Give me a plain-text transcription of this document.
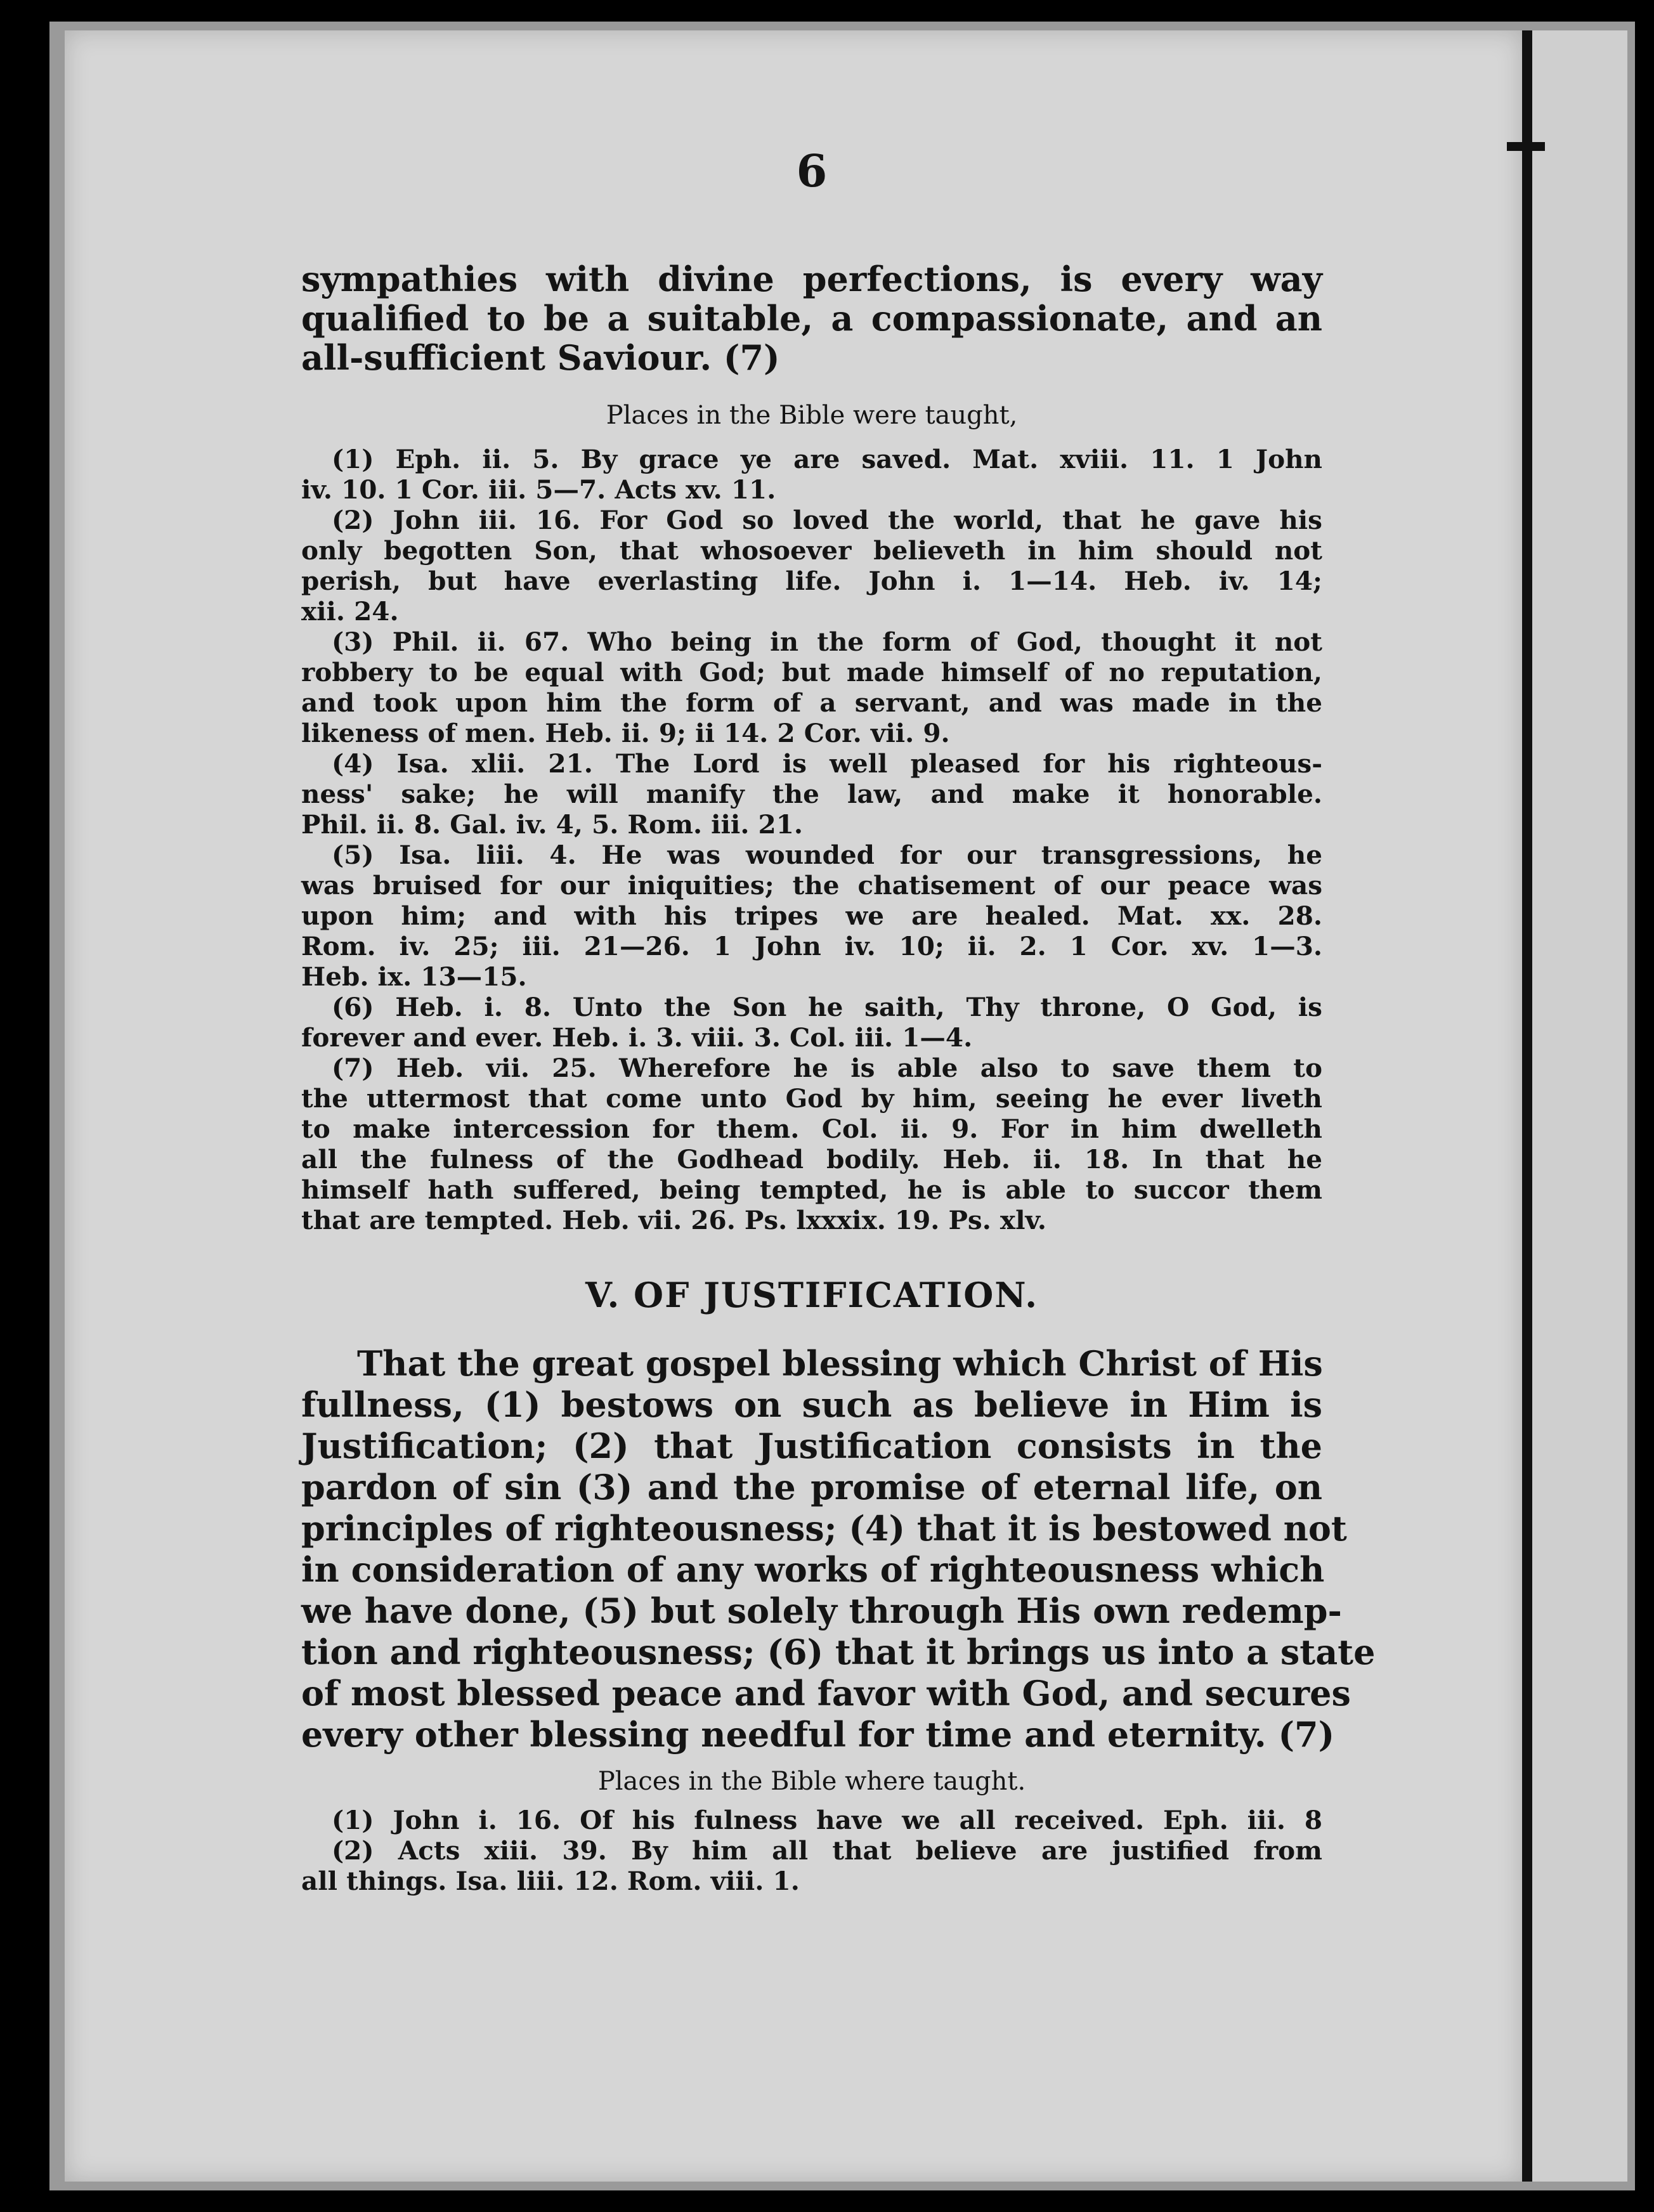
6
sympathies with divine perfections, is every way
qualified to be a suitable, a compassionate, and an
all-sufficient Saviour. (7)
Places in the Bible were taught,
(1) Eph. ii. 5. By grace ye are saved. Mat. xviii. 11. 1 John
iv. 10. 1 Cor. iii. 5—7. Acts xv. 11.
(2) John iii. 16. For God so loved the world, that he gave his
only begotten Son, that whosoever believeth in him should not
perish, but have everlasting life. John i. 1—14. Heb. iv. 14;
xii. 24.
(3) Phil. ii. 67. Who being in the form of God, thought it not
robbery to be equal with God; but made himself of no reputation,
and took upon him the form of a servant, and was made in the
likeness of men. Heb. ii. 9; ii 14. 2 Cor. vii. 9.
(4) Isa. xlii. 21. The Lord is well pleased for his righteous-
ness' sake; he will manify the law, and make it honorable.
Phil. ii. 8. Gal. iv. 4, 5. Rom. iii. 21.
(5) Isa. liii. 4. He was wounded for our transgressions, he
was bruised for our iniquities; the chatisement of our peace was
upon him; and with his tripes we are healed. Mat. xx. 28.
Rom. iv. 25; iii. 21—26. 1 John iv. 10; ii. 2. 1 Cor. xv. 1—3.
Heb. ix. 13—15.
(6) Heb. i. 8. Unto the Son he saith, Thy throne, O God, is
forever and ever. Heb. i. 3. viii. 3. Col. iii. 1—4.
(7) Heb. vii. 25. Wherefore he is able also to save them to
the uttermost that come unto God by him, seeing he ever liveth
to make intercession for them. Col. ii. 9. For in him dwelleth
all the fulness of the Godhead bodily. Heb. ii. 18. In that he
himself hath suffered, being tempted, he is able to succor them
that are tempted. Heb. vii. 26. Ps. lxxxix. 19. Ps. xlv.
V. OF JUSTIFICATION.
That the great gospel blessing which Christ of His
fullness, (1) bestows on such as believe in Him is
Justification; (2) that Justification consists in the
pardon of sin (3) and the promise of eternal life, on
principles of righteousness; (4) that it is bestowed not
in consideration of any works of righteousness which
we have done, (5) but solely through His own redemp-
tion and righteousness; (6) that it brings us into a state
of most blessed peace and favor with God, and secures
every other blessing needful for time and eternity. (7)
Places in the Bible where taught.
(1) John i. 16. Of his fulness have we all received. Eph. iii. 8
(2) Acts xiii. 39. By him all that believe are justified from
all things. Isa. liii. 12. Rom. viii. 1.
